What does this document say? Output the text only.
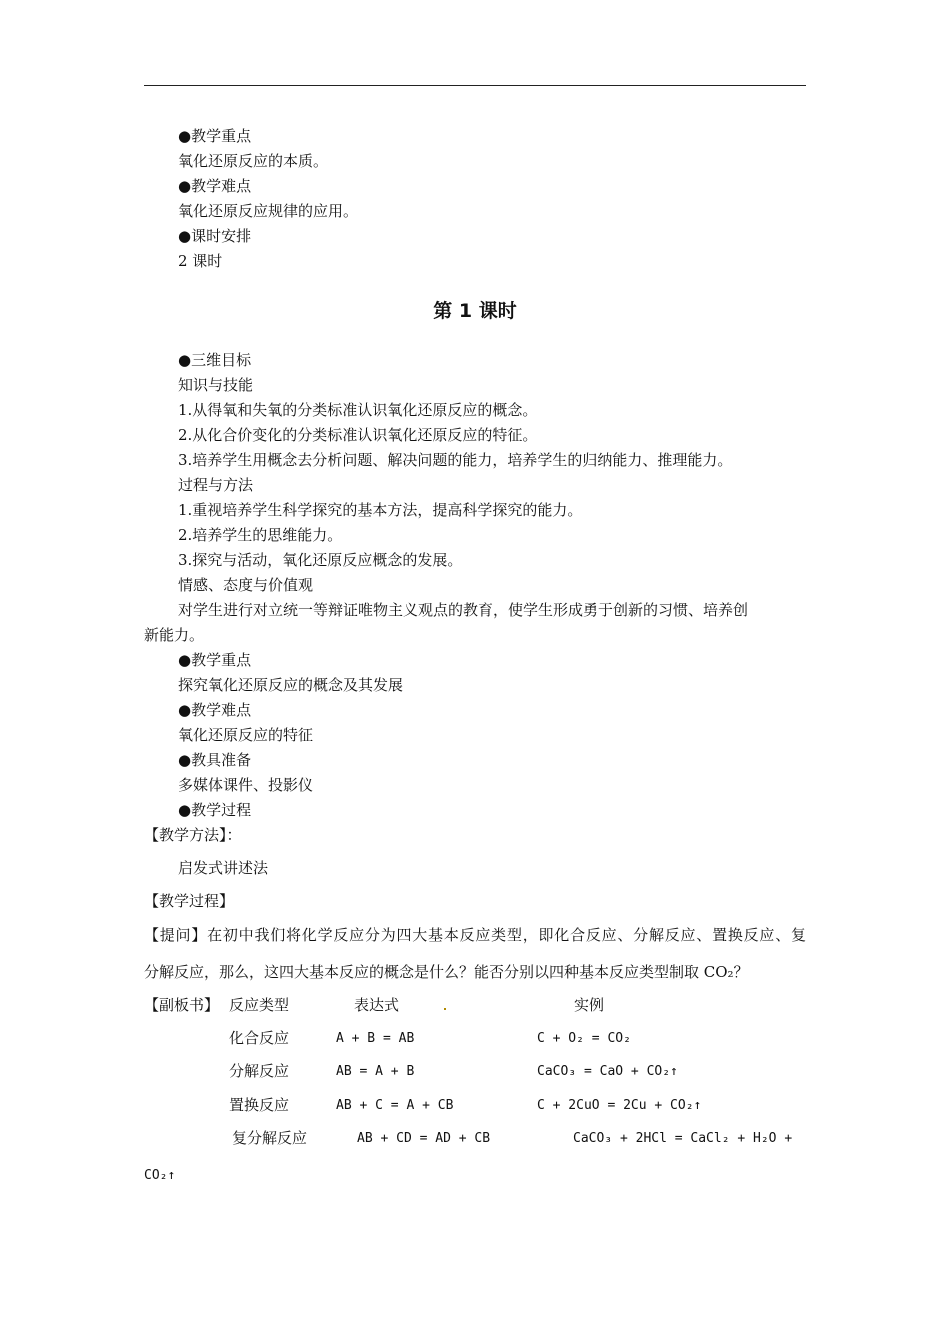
●教学重点
氧化还原反应的本质。
●教学难点
氧化还原反应规律的应用。
●课时安排
2 课时
第 1 课时
●三维目标
知识与技能
1.从得氧和失氧的分类标准认识氧化还原反应的概念。
2.从化合价变化的分类标准认识氧化还原反应的特征。
3.培养学生用概念去分析问题、解决问题的能力，培养学生的归纳能力、推理能力。
过程与方法
1.重视培养学生科学探究的基本方法，提高科学探究的能力。
2.培养学生的思维能力。
3.探究与活动，氧化还原反应概念的发展。
情感、态度与价值观
对学生进行对立统一等辩证唯物主义观点的教育，使学生形成勇于创新的习惯、培养创
新能力。
●教学重点
探究氧化还原反应的概念及其发展
●教学难点
氧化还原反应的特征
●教具准备
多媒体课件、投影仪
●教学过程
【教学方法】：
启发式讲述法
【教学过程】
【提问】在初中我们将化学反应分为四大基本反应类型，即化合反应、分解反应、置换反应、复
分解反应，那么，这四大基本反应的概念是什么？能否分别以四种基本反应类型制取 CO₂？
【副板书】 反应类型	表达式	实例
化合反应	A + B = AB	C + O₂ = CO₂
分解反应	AB = A + B	CaCO₃ = CaO + CO₂↑
置换反应	AB + C = A + CB	C + 2CuO = 2Cu + CO₂↑
复分解反应	AB + CD = AD + CB	CaCO₃ + 2HCl = CaCl₂ + H₂O +
CO₂↑
